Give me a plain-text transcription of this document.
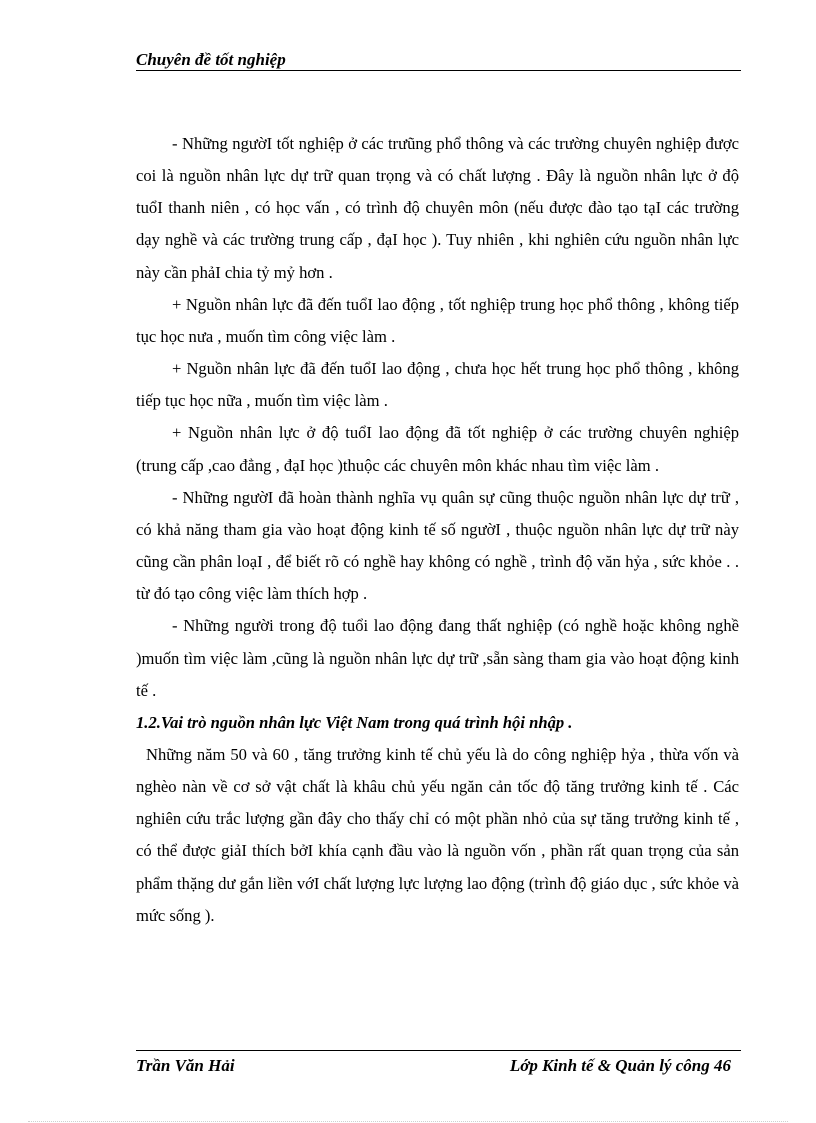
Chuyên đề tốt nghiệp

- Những ngườI tốt nghiệp ở các trưũng phổ thông và các trường chuyên nghiệp được coi là nguồn nhân lực dự trữ quan trọng và có chất lượng . Đây là nguồn nhân lực ở độ tuổI thanh niên , có học vấn , có trình độ chuyên môn (nếu được đào tạo tạI các trường dạy nghề và các trường trung cấp , đạI học ). Tuy nhiên , khi nghiên cứu nguồn nhân lực này cần phảI chia tỷ mỷ hơn .

+ Nguồn nhân lực đã đến tuổI lao động , tốt nghiệp trung học phổ thông , không tiếp tục học nưa , muốn tìm công việc làm .

+ Nguồn nhân lực đã đến tuổI lao động , chưa học hết trung học phổ thông , không tiếp tục học nữa , muốn tìm việc làm .

+ Nguồn nhân lực ở độ tuổI lao động đã tốt nghiệp ở các trường chuyên nghiệp (trung cấp ,cao đẳng , đạI học )thuộc các chuyên môn khác nhau tìm việc làm .

- Những ngườI đã hoàn thành nghĩa vụ quân sự cũng thuộc nguồn nhân lực dự trữ , có khả năng tham gia vào hoạt động kinh tế số ngườI , thuộc nguồn nhân lực dự trữ này cũng cần phân loạI , để biết rõ có nghề hay không có nghề , trình độ văn hỷa , sức khỏe . . từ đó tạo công việc làm thích hợp .

- Những người trong độ tuổi lao động đang thất nghiệp (có nghề hoặc không nghề )muốn tìm việc làm ,cũng là nguồn nhân lực dự trữ ,sẵn sàng tham gia vào hoạt động kinh tế .

1.2.Vai trò nguồn nhân lực Việt Nam trong quá trình hội nhập .

Những năm 50 và 60 , tăng trưởng kinh tế chủ yếu là do công nghiệp hỷa , thừa vốn và nghèo nàn về cơ sở vật chất là khâu chủ yếu ngăn cản tốc độ tăng trưởng kinh tế . Các nghiên cứu trắc lượng gần đây cho thấy chỉ có một phần nhỏ của sự tăng trưởng kinh tế , có thể được giảI thích bởI khía cạnh đầu vào là nguồn vốn , phần rất quan trọng của sản phẩm thặng dư gắn liền vớI chất lượng lực lượng lao động (trình độ giáo dục , sức khỏe và mức sống ).

Trần Văn Hải	Lớp Kinh tế & Quản lý công 46
